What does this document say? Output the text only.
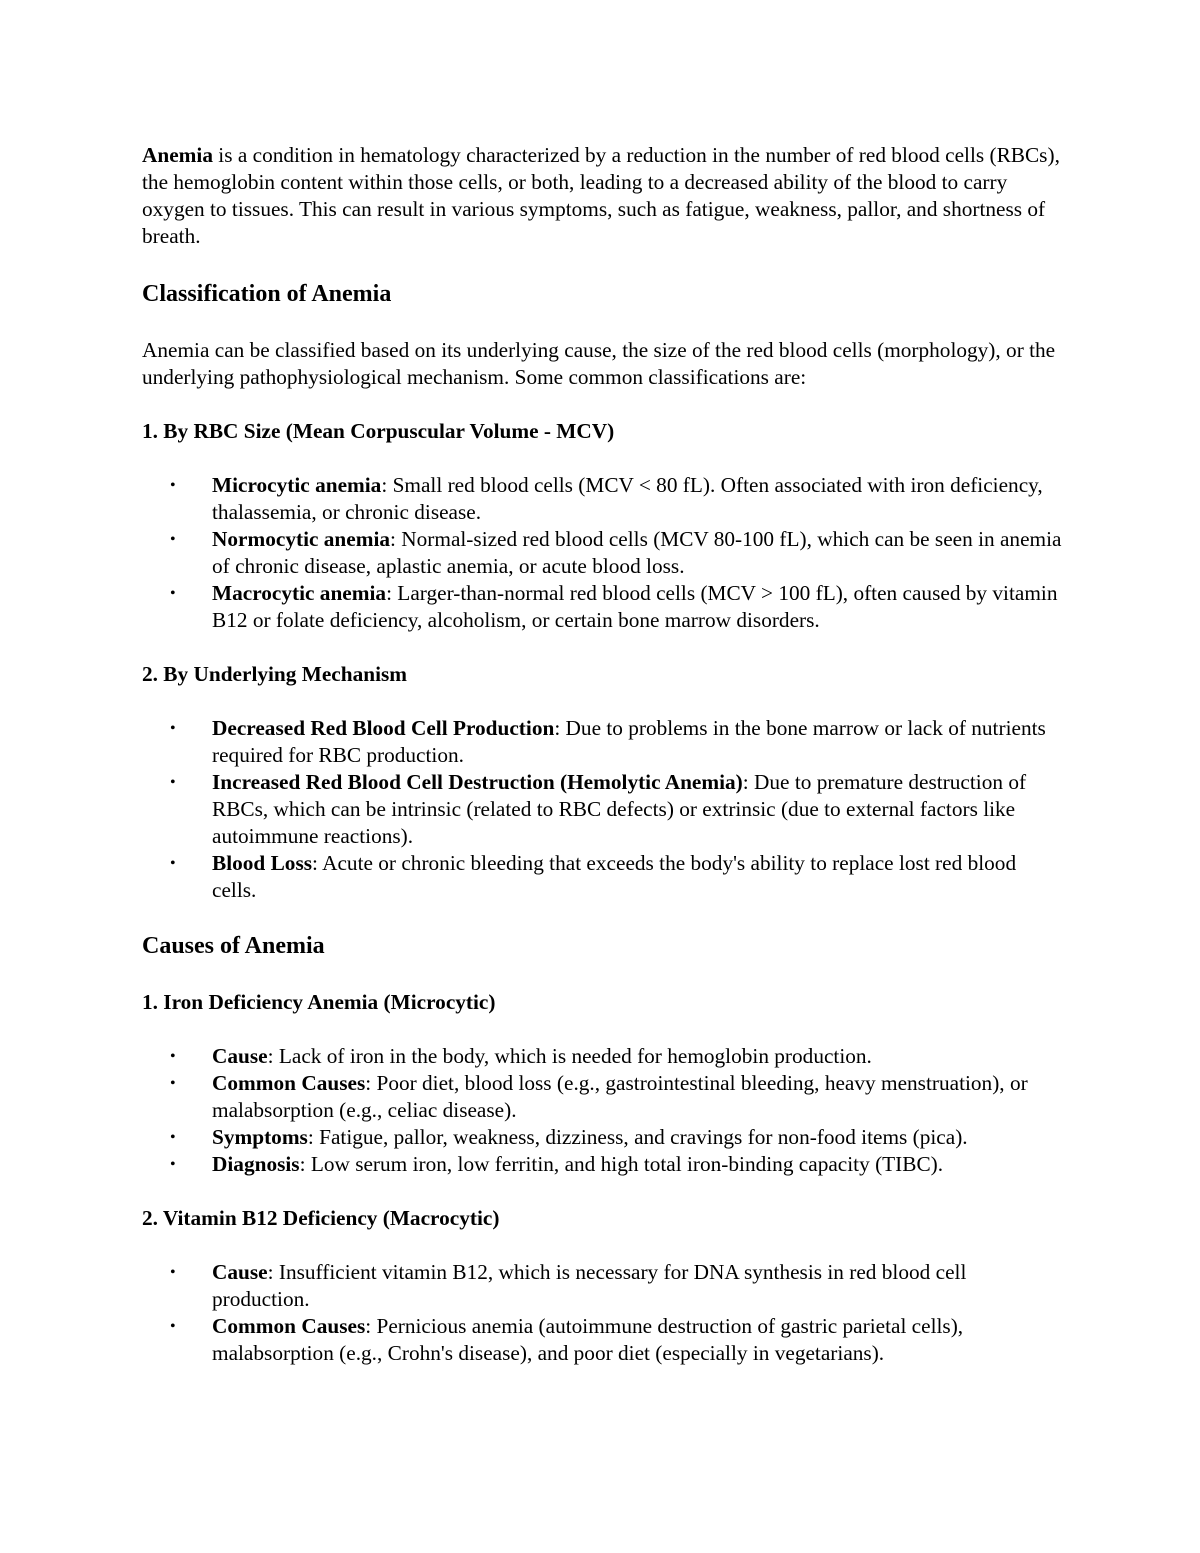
Anemia is a condition in hematology characterized by a reduction in the number of red blood cells (RBCs), the hemoglobin content within those cells, or both, leading to a decreased ability of the blood to carry oxygen to tissues. This can result in various symptoms, such as fatigue, weakness, pallor, and shortness of breath.

Classification of Anemia

Anemia can be classified based on its underlying cause, the size of the red blood cells (morphology), or the underlying pathophysiological mechanism. Some common classifications are:

1. By RBC Size (Mean Corpuscular Volume - MCV)
• Microcytic anemia: Small red blood cells (MCV < 80 fL). Often associated with iron deficiency, thalassemia, or chronic disease.
• Normocytic anemia: Normal-sized red blood cells (MCV 80-100 fL), which can be seen in anemia of chronic disease, aplastic anemia, or acute blood loss.
• Macrocytic anemia: Larger-than-normal red blood cells (MCV > 100 fL), often caused by vitamin B12 or folate deficiency, alcoholism, or certain bone marrow disorders.
2. By Underlying Mechanism
• Decreased Red Blood Cell Production: Due to problems in the bone marrow or lack of nutrients required for RBC production.
• Increased Red Blood Cell Destruction (Hemolytic Anemia): Due to premature destruction of RBCs, which can be intrinsic (related to RBC defects) or extrinsic (due to external factors like autoimmune reactions).
• Blood Loss: Acute or chronic bleeding that exceeds the body's ability to replace lost red blood cells.
Causes of Anemia
1. Iron Deficiency Anemia (Microcytic)
• Cause: Lack of iron in the body, which is needed for hemoglobin production.
• Common Causes: Poor diet, blood loss (e.g., gastrointestinal bleeding, heavy menstruation), or malabsorption (e.g., celiac disease).
• Symptoms: Fatigue, pallor, weakness, dizziness, and cravings for non-food items (pica).
• Diagnosis: Low serum iron, low ferritin, and high total iron-binding capacity (TIBC).
2. Vitamin B12 Deficiency (Macrocytic)
• Cause: Insufficient vitamin B12, which is necessary for DNA synthesis in red blood cell production.
• Common Causes: Pernicious anemia (autoimmune destruction of gastric parietal cells), malabsorption (e.g., Crohn's disease), and poor diet (especially in vegetarians).
